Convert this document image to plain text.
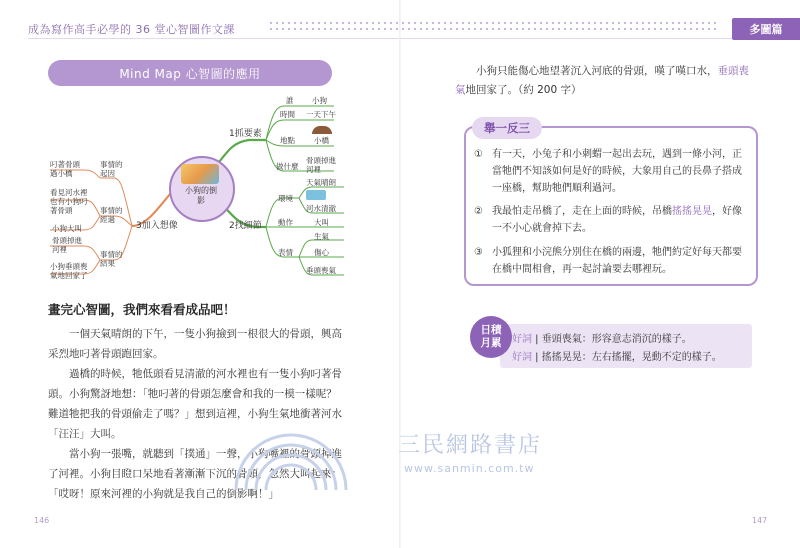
成為寫作高手必學的 36 堂心智圖作文課
Mind Map 心智圖的應用
小狗的倒影
1抓要素
誰 小狗
時間 一天下午
地點	小橋
做什麼
骨頭掉進河裡
2找細節
環境
天氣晴朗
河水清澈
動作	大叫
表情
生氣
傷心
垂頭喪氣
3加入想像
事情的起因
叼著骨頭過小橋
事情的經過
看見河水裡也有小狗叼著骨頭
小狗大叫
事情的結果
骨頭掉進河裡
小狗垂頭喪氣地回家了
畫完心智圖，我們來看看成品吧！

一個天氣晴朗的下午，一隻小狗撿到一根很大的骨頭，興高采烈地叼著骨頭跑回家。

過橋的時候，牠低頭看見清澈的河水裡也有一隻小狗叼著骨頭。小狗驚訝地想：「牠叼著的骨頭怎麼會和我的一模一樣呢？難道牠把我的骨頭偷走了嗎？」想到這裡，小狗生氣地衝著河水「汪汪」大叫。

當小狗一張嘴，就聽到「撲通」一聲，小狗嘴裡的骨頭掉進了河裡。小狗目瞪口呆地看著漸漸下沉的骨頭，忽然大叫起來：「哎呀！原來河裡的小狗就是我自己的倒影啊！」

146
多圖篇

小狗只能傷心地望著沉入河底的骨頭，嘆了嘆口水，垂頭喪氣地回家了。（約 200 字）

舉一反三
① 有一天，小兔子和小刺蝟一起出去玩，遇到一條小河，正當牠們不知該如何是好的時候，大象用自己的長鼻子搭成一座橋，幫助牠們順利過河。
② 我最怕走吊橋了，走在上面的時候，吊橋搖搖晃晃，好像一不小心就會掉下去。
③ 小狐狸和小浣熊分別住在橋的兩邊，牠們約定好每天都要在橋中間相會，再一起討論要去哪裡玩。
日積
月累 好詞 | 垂頭喪氣：形容意志消沉的樣子。
好詞 | 搖搖晃晃：左右搖擺，晃動不定的樣子。
147
三民網路書店
www.sanmin.com.tw
